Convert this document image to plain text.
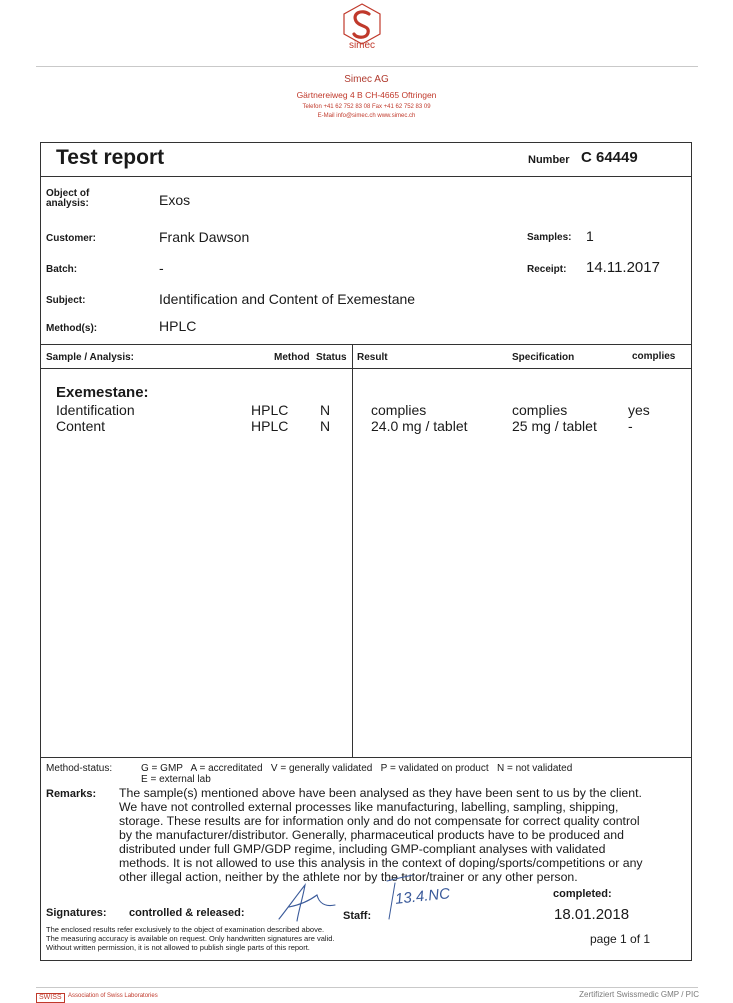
simec
Simec AG
Gärtnereiweg 4 B CH-4665 Oftringen
Telefon +41 62 752 83 08 Fax +41 62 752 83 09
E-Mail info@simec.ch www.simec.ch
Test report	Number C 64449
Object of
analysis:	Exos
Customer:	Frank Dawson	Samples: 1
Batch:	-	Receipt: 14.11.2017
Subject:	Identification and Content of Exemestane
Method(s):	HPLC
Sample / Analysis:	Method Status Result	Specification	complies
Exemestane:
Identification	HPLC N	complies	complies	yes
Content	HPLC N	24.0 mg / tablet	25 mg / tablet -
Method-status:	G = GMP   A = accreditated   V = generally validated   P = validated on product   N = not validated
E = external lab
Remarks: The sample(s) mentioned above have been analysed as they have been sent to us by the client.
We have not controlled external processes like manufacturing, labelling, sampling, shipping,
storage. These results are for information only and do not compensate for correct quality control
by the manufacturer/distributor. Generally, pharmaceutical products have to be produced and
distributed under full GMP/GDP regime, including GMP-compliant analyses with validated
methods. It is not allowed to use this analysis in the context of doping/sports/competitions or any
other illegal action, neither by the athlete nor by the tutor/trainer or any other person.
Signatures: controlled & released:	Staff:
13.4.NC	completed:
18.01.2018
page 1 of 1
The enclosed results refer exclusively to the object of examination described above.
The measuring accuracy is available on request. Only handwritten signatures are valid.
Without written permission, it is not allowed to publish single parts of this report.
SWISS	Association of Swiss Laboratories	Zertifiziert Swissmedic GMP / PIC
